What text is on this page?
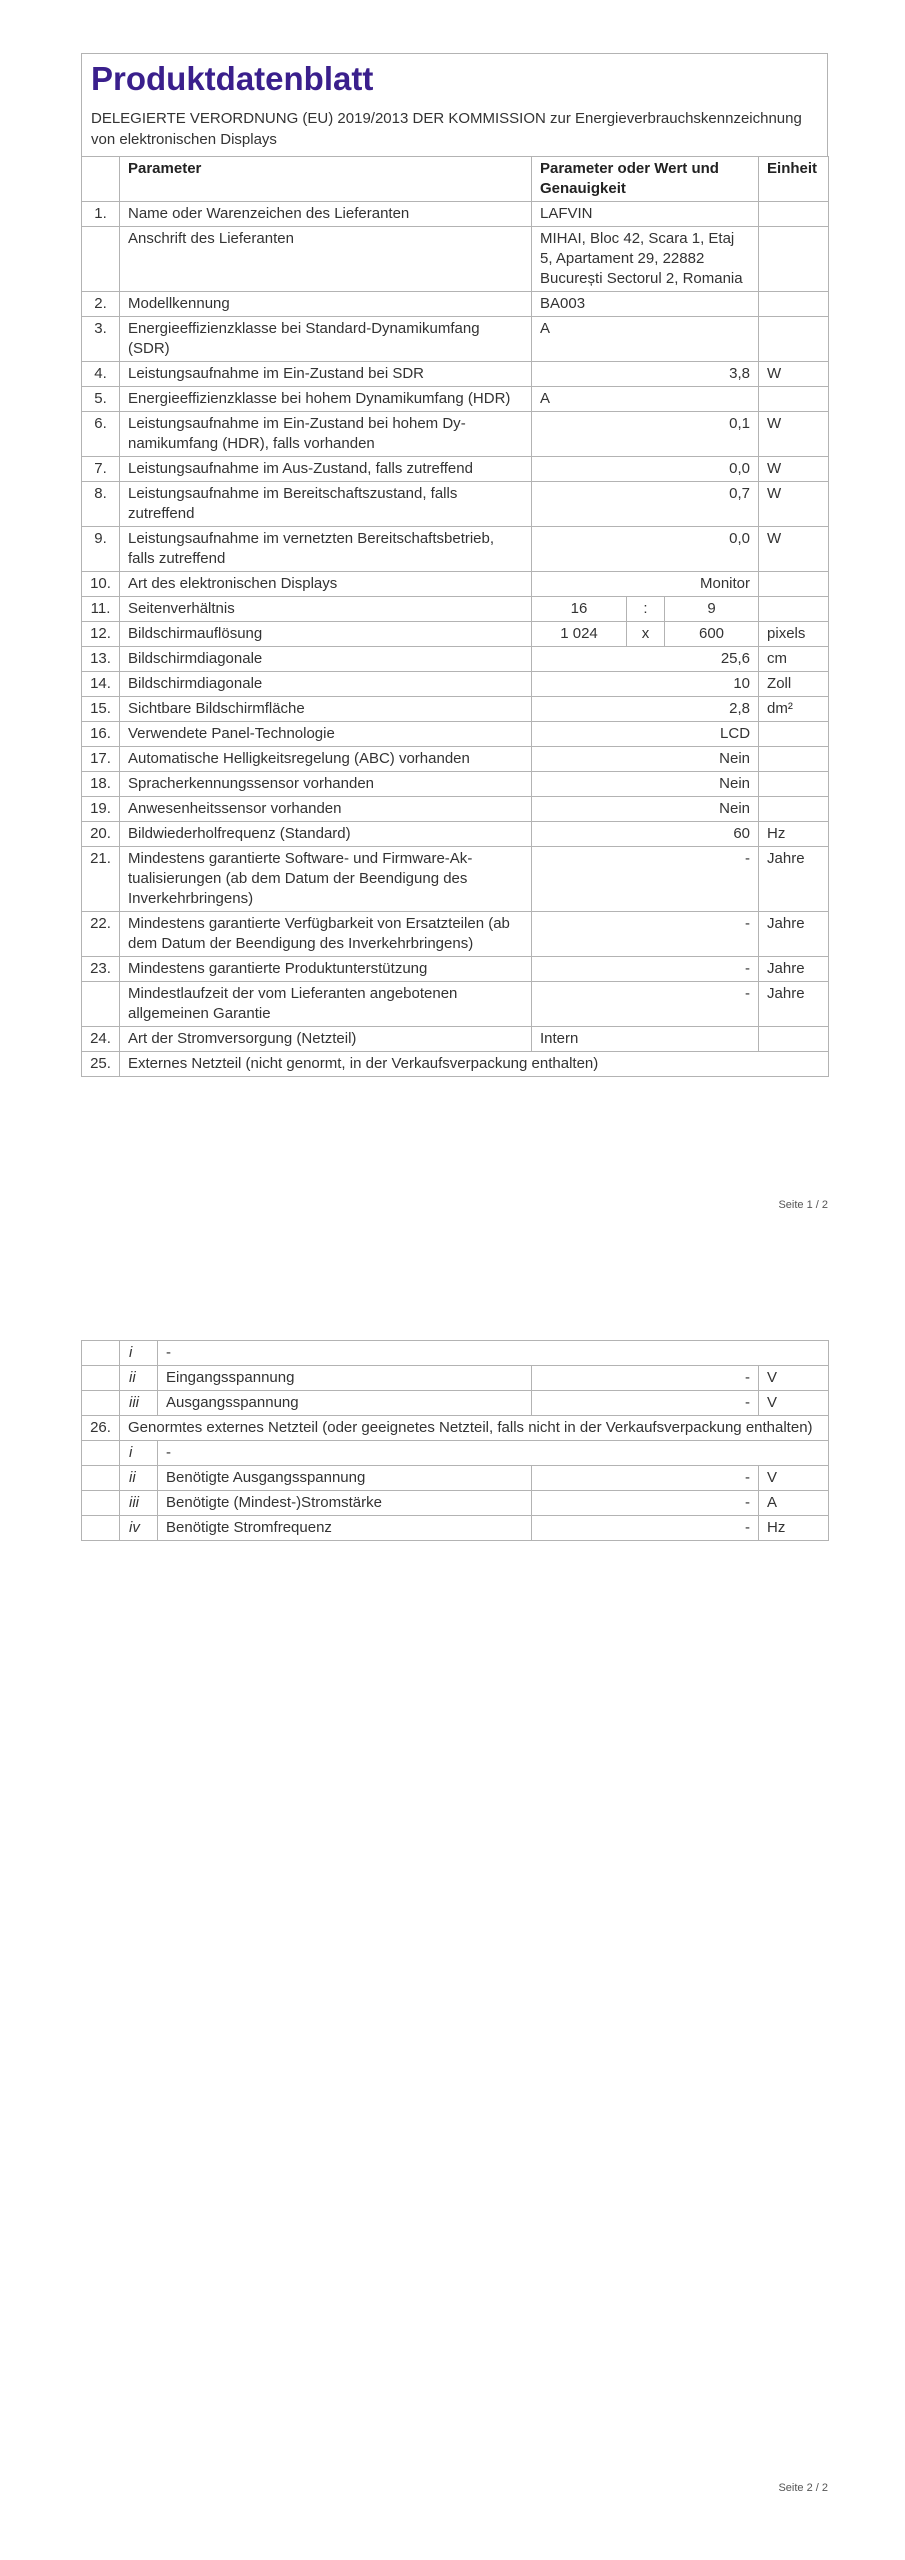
Produktdatenblatt
DELEGIERTE VERORDNUNG (EU) 2019/2013 DER KOMMISSION zur Energieverbrauchskennzeichnung von elektronischen Displays
	Parameter	Parameter oder Wert und Genauigkeit			Einheit
1.	Name oder Warenzeichen des Lieferanten	LAFVIN			
	Anschrift des Lieferanten	MIHAI, Bloc 42, Scara 1, Etaj 5, Apartament 29, 22882 București Sectorul 2, Romania			
2.	Modellkennung	BA003			
3.	Energieeffizienzklasse bei Standard-Dynamikumfang (SDR)	A			
4.	Leistungsaufnahme im Ein-Zustand bei SDR	3,8			W
5.	Energieeffizienzklasse bei hohem Dynamikumfang (HDR)	A			
6.	Leistungsaufnahme im Ein-Zustand bei hohem Dynamikumfang (HDR), falls vorhanden	0,1			W
7.	Leistungsaufnahme im Aus-Zustand, falls zutreffend	0,0			W
8.	Leistungsaufnahme im Bereitschaftszustand, falls zutreffend	0,7			W
9.	Leistungsaufnahme im vernetzten Bereitschaftsbetrieb, falls zutreffend	0,0			W
10.	Art des elektronischen Displays	Monitor			
11.	Seitenverhältnis	16	:	9	
12.	Bildschirmauflösung	1 024	x	600	pixels
13.	Bildschirmdiagonale	25,6			cm
14.	Bildschirmdiagonale	10			Zoll
15.	Sichtbare Bildschirmfläche	2,8			dm²
16.	Verwendete Panel-Technologie	LCD			
17.	Automatische Helligkeitsregelung (ABC) vorhanden	Nein			
18.	Spracherkennungssensor vorhanden	Nein			
19.	Anwesenheitssensor vorhanden	Nein			
20.	Bildwiederholfrequenz (Standard)	60			Hz
21.	Mindestens garantierte Software- und Firmware-Aktualisierungen (ab dem Datum der Beendigung des Inverkehrbringens)	-			Jahre
22.	Mindestens garantierte Verfügbarkeit von Ersatzteilen (ab dem Datum der Beendigung des Inverkehrbringens)	-			Jahre
23.	Mindestens garantierte Produktunterstützung	-			Jahre
	Mindestlaufzeit der vom Lieferanten angebotenen allgemeinen Garantie	-			Jahre
24.	Art der Stromversorgung (Netzteil)	Intern			
25.	Externes Netzteil (nicht genormt, in der Verkaufsverpackung enthalten)				
Seite 1 / 2
	i	-		
	ii	Eingangsspannung	-	V
	iii	Ausgangsspannung	-	V
26.	Genormtes externes Netzteil (oder geeignetes Netzteil, falls nicht in der Verkaufsverpackung enthalten)			
	i	-		
	ii	Benötigte Ausgangsspannung	-	V
	iii	Benötigte (Mindest-)Stromstärke	-	A
	iv	Benötigte Stromfrequenz	-	Hz
Seite 2 / 2
